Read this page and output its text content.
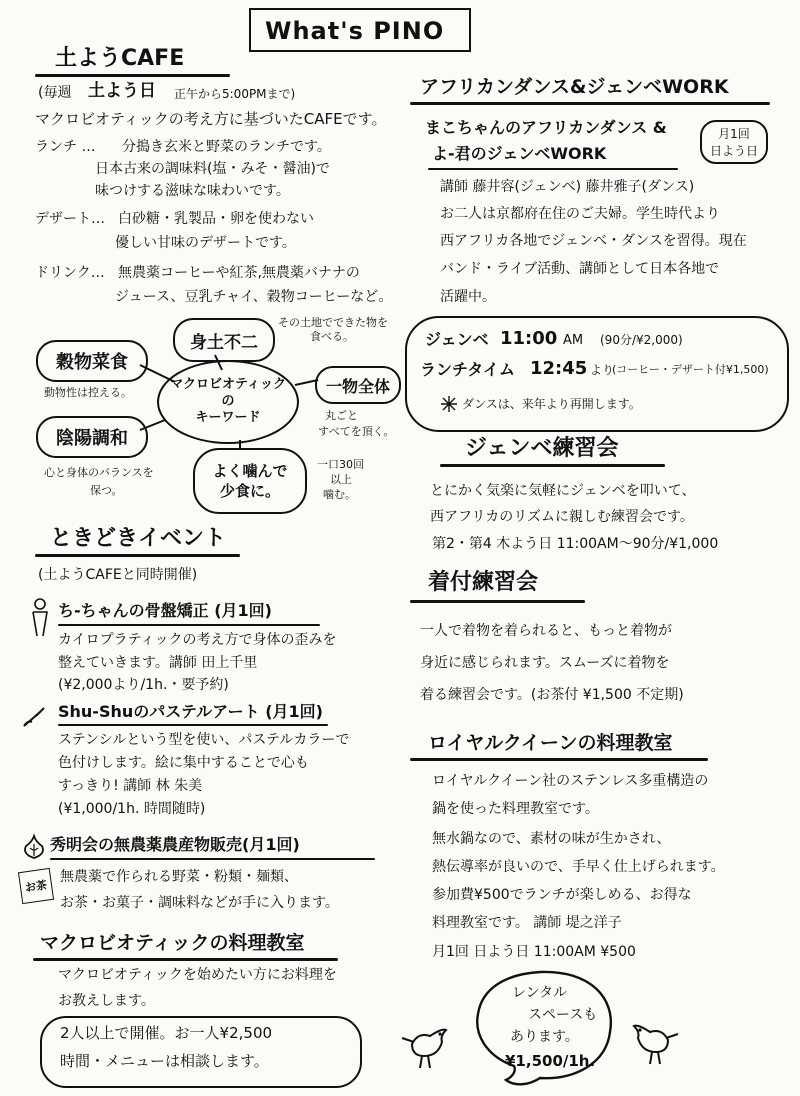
What's PINO
土ようCAFE
(毎週 土よう日 正午から5:00PMまで)
マクロビオティックの考え方に基づいたCAFEです。
ランチ … 分搗き玄米と野菜のランチです。
日本古来の調味料(塩・みそ・醤油)で
味つけする滋味な味わいです。
デザート… 白砂糖・乳製品・卵を使わない
優しい甘味のデザートです。
ドリンク… 無農薬コーヒーや紅茶,無農薬バナナの
ジュース、豆乳チャイ、穀物コーヒーなど。
マクロビオティック
の
キーワード
身土不二
その土地でできた物を
食べる。
穀物菜食
動物性は控える。	一物全体
丸ごと
すべてを頂く。
陰陽調和
心と身体のバランスを
保つ。
よく噛んで
少食に。
一口30回
以上
噛む。
ときどきイベント
(土ようCAFEと同時開催)
ち-ちゃんの骨盤矯正 (月1回)
カイロプラティックの考え方で身体の歪みを
整えていきます。講師 田上千里
(¥2,000より/1h.・要予約)
Shu-Shuのパステルアート (月1回)
ステンシルという型を使い、パステルカラーで
色付けします。絵に集中することで心も
すっきり! 講師 林 朱美
(¥1,000/1h. 時間随時)
秀明会の無農薬農産物販売(月1回)
お茶
無農薬で作られる野菜・粉類・麺類、
お茶・お菓子・調味料などが手に入ります。
マクロビオティックの料理教室
マクロビオティックを始めたい方にお料理を
お教えします。
2人以上で開催。お一人¥2,500
時間・メニューは相談します。
アフリカンダンス&ジェンベWORK
まこちゃんのアフリカンダンス &
よ-君のジェンベWORK
月1回
日よう日
講師 藤井容(ジェンベ) 藤井雅子(ダンス)
お二人は京都府在住のご夫婦。学生時代より
西アフリカ各地でジェンベ・ダンスを習得。現在
バンド・ライブ活動、講師として日本各地で
活躍中。
ジェンベ 11:00 AM (90分/¥2,000)
ランチタイム 12:45 より
(コーヒー・デザート付¥1,500)
ダンスは、来年より再開します。
ジェンベ練習会
とにかく気楽に気軽にジェンベを叩いて、
西アフリカのリズムに親しむ練習会です。
第2・第4 木よう日 11:00AM〜90分/¥1,000
着付練習会
一人で着物を着られると、もっと着物が
身近に感じられます。スムーズに着物を
着る練習会です。(お茶付 ¥1,500 不定期)
ロイヤルクイーンの料理教室
ロイヤルクイーン社のステンレス多重構造の
鍋を使った料理教室です。
無水鍋なので、素材の味が生かされ、
熱伝導率が良いので、手早く仕上げられます。
参加費¥500でランチが楽しめる、お得な
料理教室です。 講師 堤之洋子
月1回 日よう日 11:00AM ¥500
レンタル
スペースも
あります。
¥1,500/1h.
